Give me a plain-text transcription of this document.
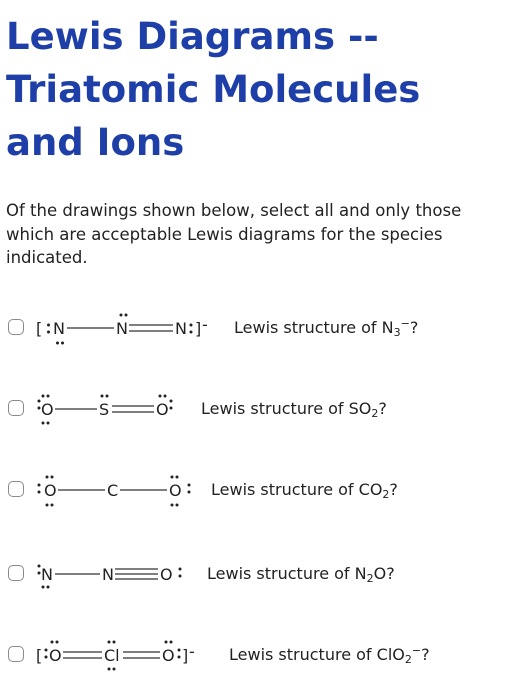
Lewis Diagrams --
Triatomic Molecules
and Ions

Of the drawings shown below, select all and only those which are acceptable Lewis diagrams for the species indicated.

[ N	N	N ] - Lewis structure of $N_3^-$?
O	S	O Lewis structure of $SO_2$?
O	C	O Lewis structure of $CO_2$?
N	N	O Lewis structure of $N_2O$?
[ O	Cl	O ] - Lewis structure of ClO$_2$−?
